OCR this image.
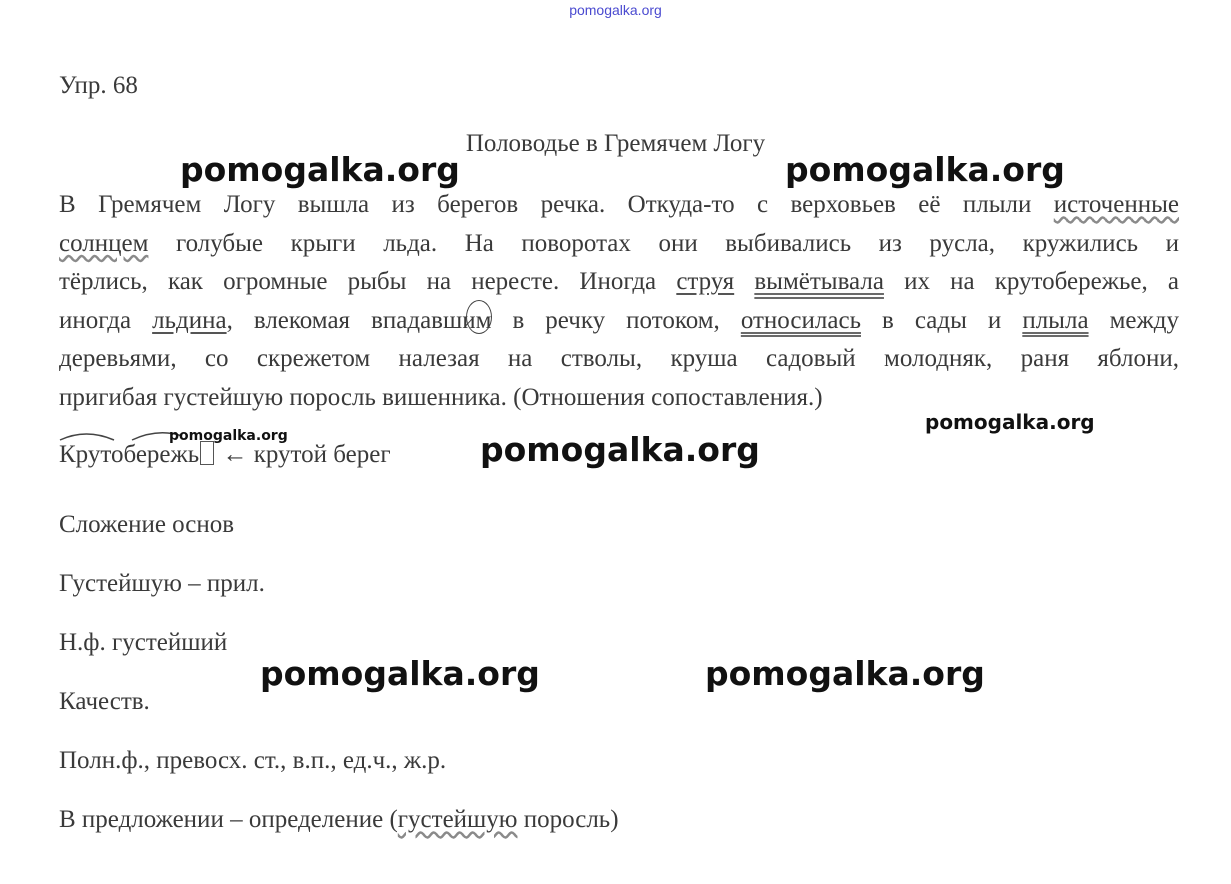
pomogalka.org
Упр. 68
Половодье в Гремячем Логу
В Гремячем Логу вышла из берегов речка. Откуда-то с верховьев её плыли источенные
солнцем голубые крыги льда. На поворотах они выбивались из русла, кружились и
тёрлись, как огромные рыбы на нересте. Иногда струя вымётывала их на крутобережье, а
иногда льдина, влекомая впадавшим в речку потоком, относилась в сады и плыла между
деревьями, со скрежетом налезая на стволы, круша садовый молодняк, раня яблони,
пригибая густейшую поросль вишенника. (Отношения сопоставления.)
Крутобережь ← крутой берег
Сложение основ
Густейшую – прил.
Н.ф. густейший
Качеств.
Полн.ф., превосх. ст., в.п., ед.ч., ж.р.
В предложении – определение (густейшую поросль)
pomogalka.org	pomogalka.org
pomogalka.org
pomogalka.org
pomogalka.org
pomogalka.org	pomogalka.org
